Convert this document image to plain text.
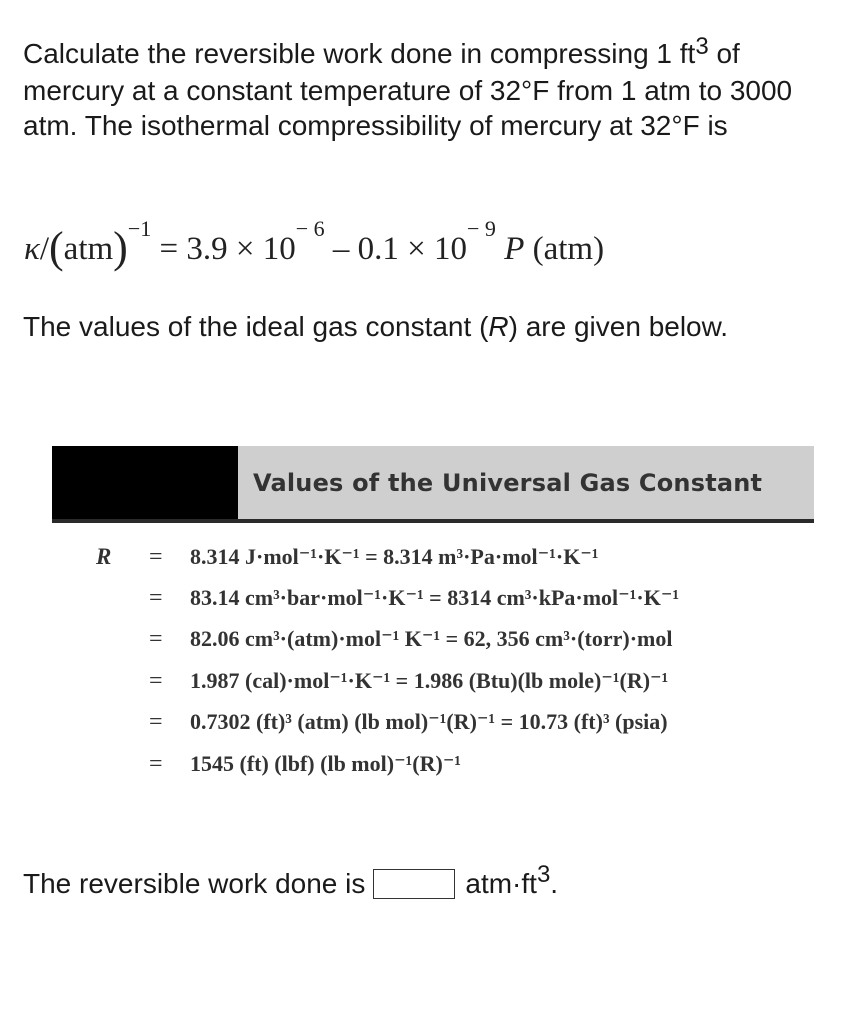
Calculate the reversible work done in compressing 1 $ft^3$ of mercury at a constant temperature of 32°F from 1 atm to 3000 atm. The isothermal compressibility of mercury at 32°F is
$\kappa/(atm)^{-1} = 3.9 \times 10^{- 6} - 0.1 \times 10^{- 9}$ P (atm)
The values of the ideal gas constant (R) are given below.
Values of the Universal Gas Constant
R = 8.314 J·mol⁻¹·K⁻¹ = 8.314 m³·Pa·mol⁻¹·K⁻¹
= 83.14 cm³·bar·mol⁻¹·K⁻¹ = 8314 cm³·kPa·mol⁻¹·K⁻¹
= 82.06 cm³·(atm)·mol⁻¹ K⁻¹ = 62, 356 cm³·(torr)·mol
= 1.987 (cal)·mol⁻¹·K⁻¹ = 1.986 (Btu)(lb mole)⁻¹(R)⁻¹
= 0.7302 (ft)³ (atm) (lb mol)⁻¹(R)⁻¹ = 10.73 (ft)³ (psia)
= 1545 (ft) (lbf) (lb mol)⁻¹(R)⁻¹
The reversible work done is	$atm\cdot ft^3$ .
